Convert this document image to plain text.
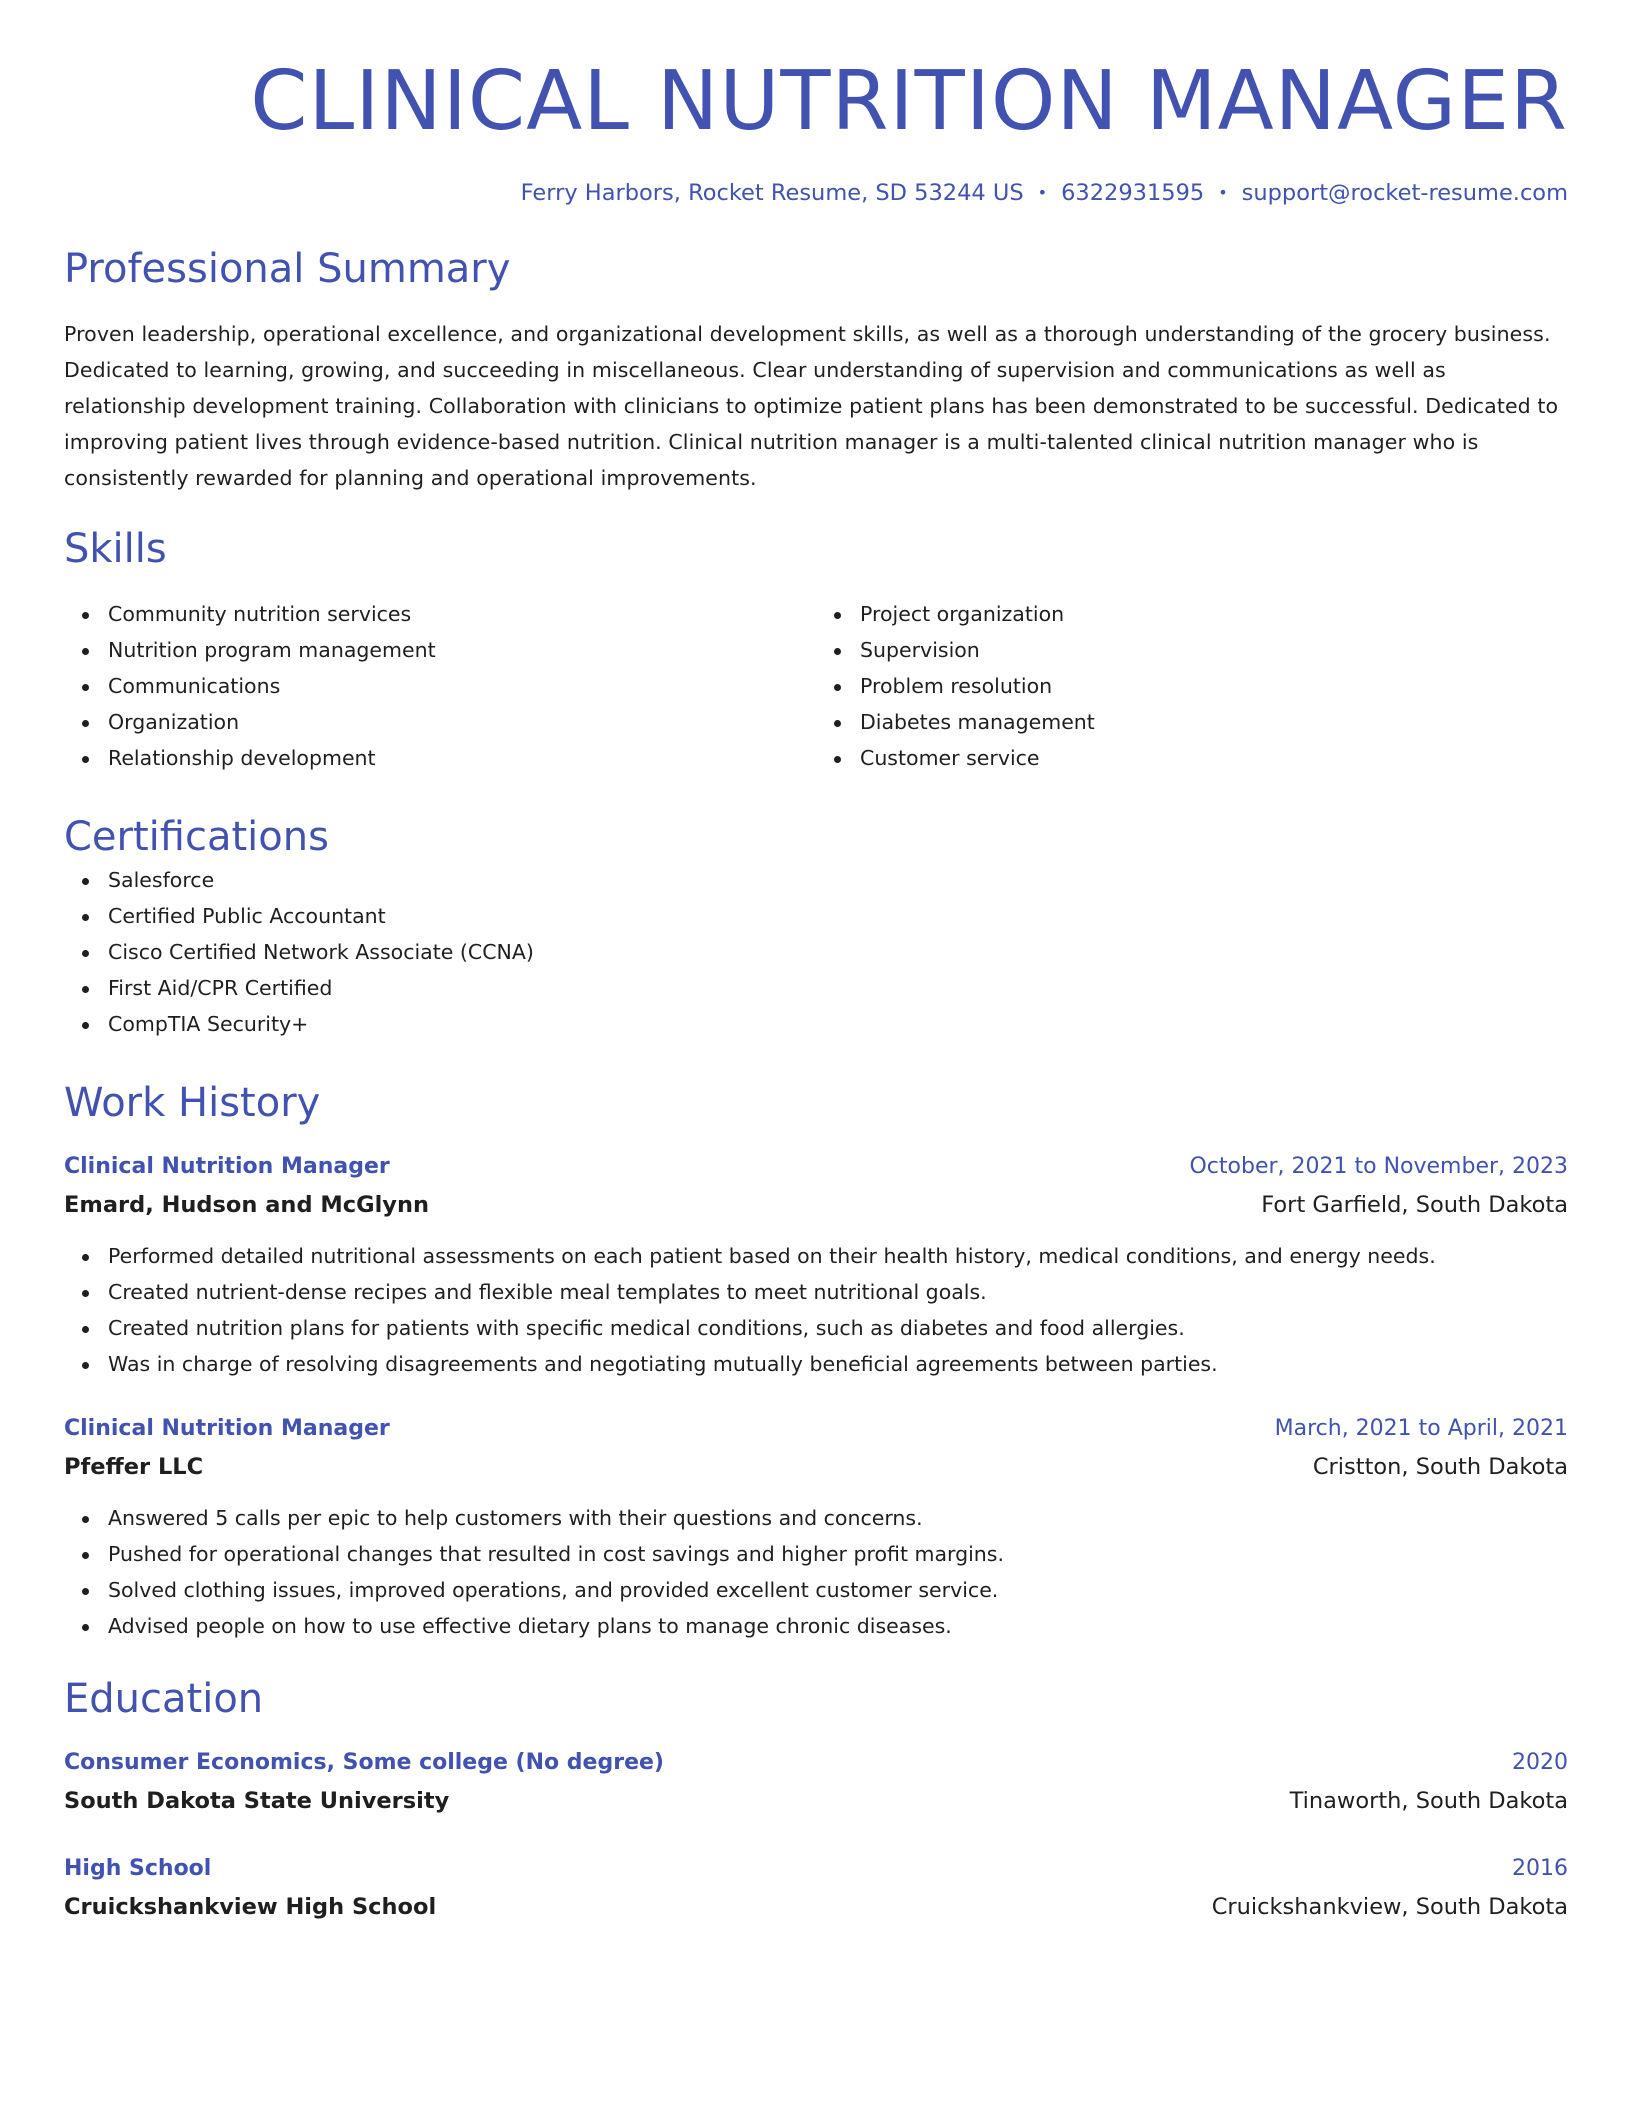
CLINICAL NUTRITION MANAGER
Ferry Harbors, Rocket Resume, SD 53244 US • 6322931595 • support@rocket-resume.com
Professional Summary

Proven leadership, operational excellence, and organizational development skills, as well as a thorough understanding of the grocery business. Dedicated to learning, growing, and succeeding in miscellaneous. Clear understanding of supervision and communications as well as relationship development training. Collaboration with clinicians to optimize patient plans has been demonstrated to be successful. Dedicated to improving patient lives through evidence-based nutrition. Clinical nutrition manager is a multi-talented clinical nutrition manager who is consistently rewarded for planning and operational improvements.

Skills
Community nutrition services
Nutrition program management
Communications
Organization
Relationship development
Project organization
Supervision
Problem resolution
Diabetes management
Customer service
Certifications
Salesforce
Certified Public Accountant
Cisco Certified Network Associate (CCNA)
First Aid/CPR Certified
CompTIA Security+
Work History
Clinical Nutrition Manager	October, 2021 to November, 2023
Emard, Hudson and McGlynn	Fort Garfield, South Dakota
Performed detailed nutritional assessments on each patient based on their health history, medical conditions, and energy needs.
Created nutrient-dense recipes and flexible meal templates to meet nutritional goals.
Created nutrition plans for patients with specific medical conditions, such as diabetes and food allergies.
Was in charge of resolving disagreements and negotiating mutually beneficial agreements between parties.
Clinical Nutrition Manager	March, 2021 to April, 2021
Pfeffer LLC	Cristton, South Dakota
Answered 5 calls per epic to help customers with their questions and concerns.
Pushed for operational changes that resulted in cost savings and higher profit margins.
Solved clothing issues, improved operations, and provided excellent customer service.
Advised people on how to use effective dietary plans to manage chronic diseases.
Education
Consumer Economics, Some college (No degree)	2020
South Dakota State University	Tinaworth, South Dakota
High School	2016
Cruickshankview High School	Cruickshankview, South Dakota
